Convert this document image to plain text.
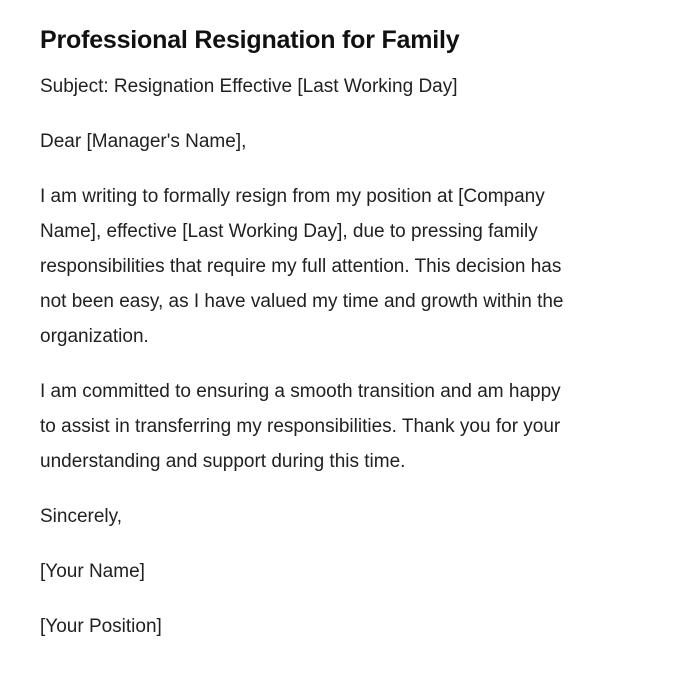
Professional Resignation for Family

Subject: Resignation Effective [Last Working Day]

Dear [Manager's Name],

I am writing to formally resign from my position at [Company Name], effective [Last Working Day], due to pressing family responsibilities that require my full attention. This decision has not been easy, as I have valued my time and growth within the organization.

I am committed to ensuring a smooth transition and am happy to assist in transferring my responsibilities. Thank you for your understanding and support during this time.

Sincerely,

[Your Name]

[Your Position]
